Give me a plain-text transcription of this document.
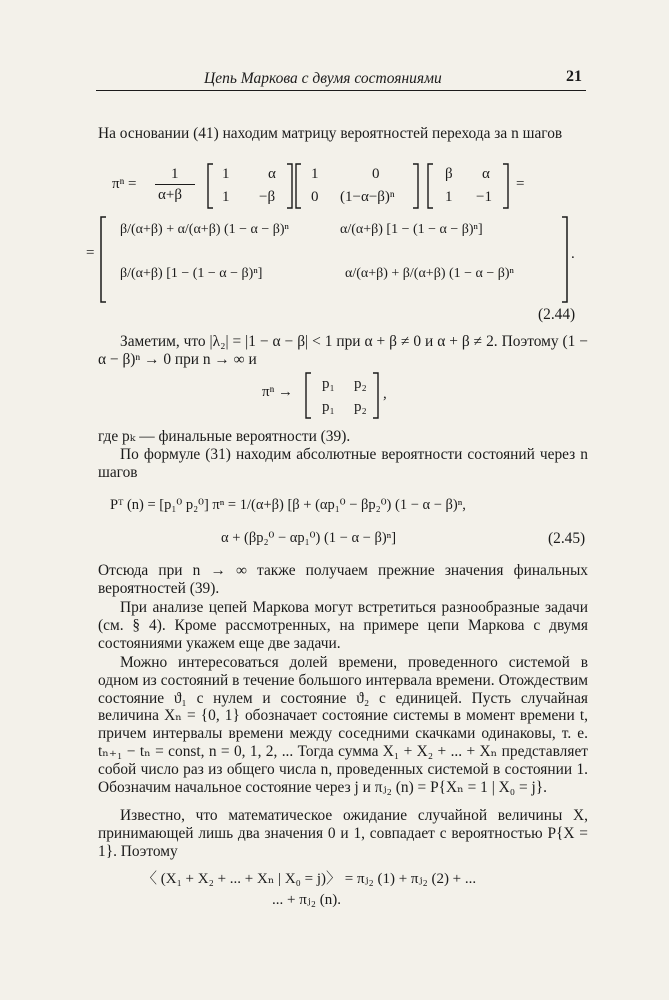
Цепь Маркова с двумя состояниями	21

На основании (41) находим матрицу вероятностей перехода за n шагов

πⁿ =
1
α+β
1	α
1 −β
1	0
0 (1−α−β)ⁿ
β α
1 −1
=
=
β/(α+β) + α/(α+β) (1 − α − β)ⁿ	α/(α+β) [1 − (1 − α − β)ⁿ]
β/(α+β) [1 − (1 − α − β)ⁿ]	α/(α+β) + β/(α+β) (1 − α − β)ⁿ
.
(2.44)

Заметим, что |λ₂| = |1 − α − β| < 1 при α + β ≠ 0 и α + β ≠ 2. Поэтому (1 − α − β)ⁿ → 0 при n → ∞ и

πⁿ → p₁ p₂
p₁ p₂
,

где pₖ — финальные вероятности (39).

По формуле (31) находим абсолютные вероятности состояний через n шагов

Pᵀ (n) = [p₁⁰ p₂⁰] πⁿ = 1/(α+β) [β + (αp₁⁰ − βp₂⁰) (1 − α − β)ⁿ,
α + (βp₂⁰ − αp₁⁰) (1 − α − β)ⁿ]	(2.45)

Отсюда при n → ∞ также получаем прежние значения финальных вероятностей (39).

При анализе цепей Маркова могут встретиться разнообразные задачи (см. § 4). Кроме рассмотренных, на примере цепи Маркова с двумя состояниями укажем еще две задачи.

Можно интересоваться долей времени, проведенного системой в одном из состояний в течение большого интервала времени. Отождествим состояние ϑ₁ с нулем и состояние ϑ₂ с единицей. Пусть случайная величина Xₙ = {0, 1} обозначает состояние системы в момент времени t, причем интервалы времени между соседними скачками одинаковы, т. е. tₙ₊₁ − tₙ = const, n = 0, 1, 2, ... Тогда сумма X₁ + X₂ + ... + Xₙ представляет собой число раз из общего числа n, проведенных системой в состоянии 1. Обозначим начальное состояние через j и πⱼ₂ (n) = P{Xₙ = 1 | X₀ = j}.

Известно, что математическое ожидание случайной величины X, принимающей лишь два значения 0 и 1, совпадает с вероятностью P{X = 1}. Поэтому

〈 (X₁ + X₂ + ... + Xₙ | X₀ = j)〉 = πⱼ₂ (1) + πⱼ₂ (2) + ...
... + πⱼ₂ (n).
